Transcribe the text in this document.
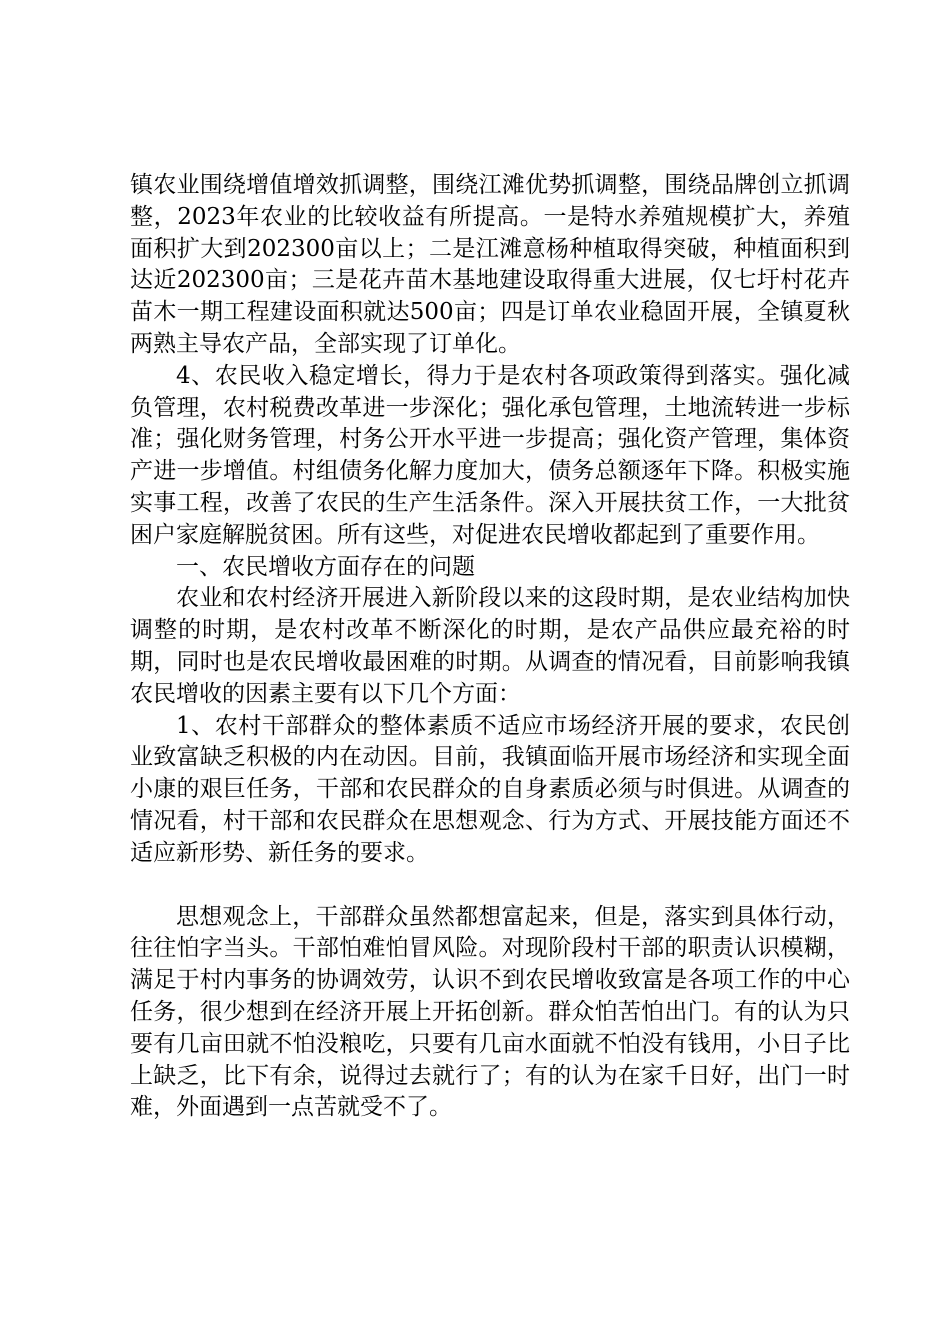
镇农业围绕增值增效抓调整，围绕江滩优势抓调整，围绕品牌创立抓调整，2023年农业的比较收益有所提高。一是特水养殖规模扩大，养殖面积扩大到202300亩以上；二是江滩意杨种植取得突破，种植面积到达近202300亩；三是花卉苗木基地建设取得重大进展，仅七圩村花卉苗木一期工程建设面积就达500亩；四是订单农业稳固开展，全镇夏秋两熟主导农产品，全部实现了订单化。

4、农民收入稳定增长，得力于是农村各项政策得到落实。强化减负管理，农村税费改革进一步深化；强化承包管理，土地流转进一步标准；强化财务管理，村务公开水平进一步提高；强化资产管理，集体资产进一步增值。村组债务化解力度加大，债务总额逐年下降。积极实施实事工程，改善了农民的生产生活条件。深入开展扶贫工作，一大批贫困户家庭解脱贫困。所有这些，对促进农民增收都起到了重要作用。

一、农民增收方面存在的问题

农业和农村经济开展进入新阶段以来的这段时期，是农业结构加快调整的时期，是农村改革不断深化的时期，是农产品供应最充裕的时期，同时也是农民增收最困难的时期。从调查的情况看，目前影响我镇农民增收的因素主要有以下几个方面：

1、农村干部群众的整体素质不适应市场经济开展的要求，农民创业致富缺乏积极的内在动因。目前，我镇面临开展市场经济和实现全面小康的艰巨任务，干部和农民群众的自身素质必须与时俱进。从调查的情况看，村干部和农民群众在思想观念、行为方式、开展技能方面还不适应新形势、新任务的要求。

思想观念上，干部群众虽然都想富起来，但是，落实到具体行动，往往怕字当头。干部怕难怕冒风险。对现阶段村干部的职责认识模糊，满足于村内事务的协调效劳，认识不到农民增收致富是各项工作的中心任务，很少想到在经济开展上开拓创新。群众怕苦怕出门。有的认为只要有几亩田就不怕没粮吃，只要有几亩水面就不怕没有钱用，小日子比上缺乏，比下有余，说得过去就行了；有的认为在家千日好，出门一时难，外面遇到一点苦就受不了。
